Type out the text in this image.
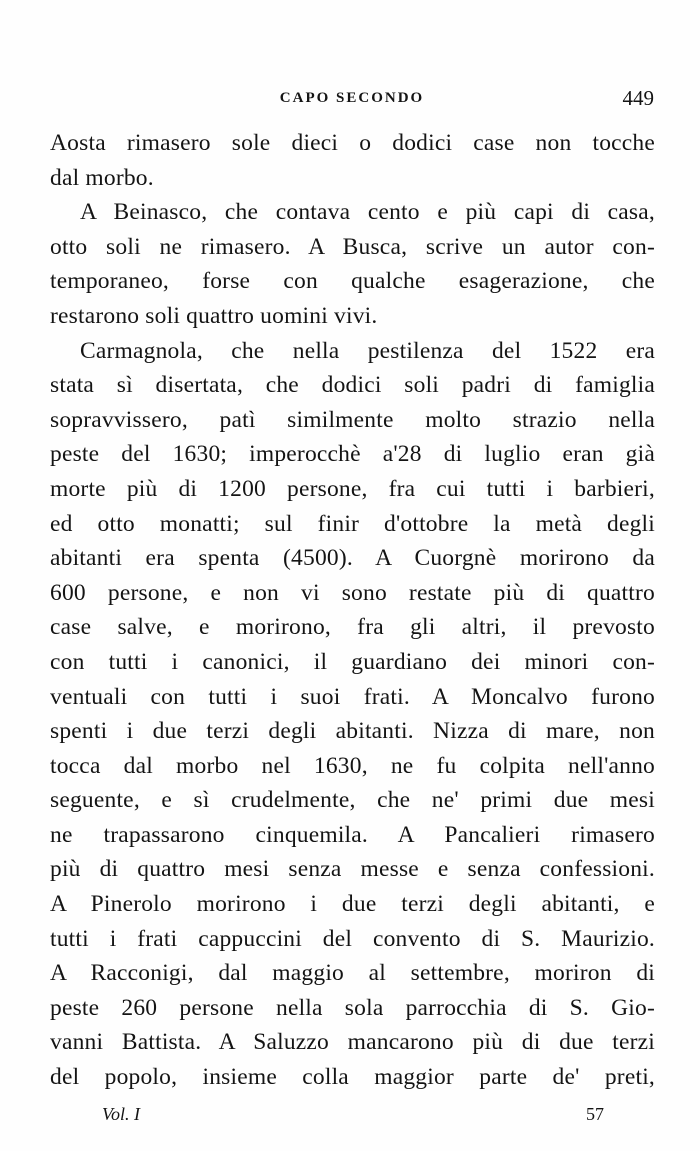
CAPO SECONDO	449
Aosta rimasero sole dieci o dodici case non tocche
dal morbo.
A Beinasco, che contava cento e più capi di casa,
otto soli ne rimasero. A Busca, scrive un autor con-
temporaneo, forse con qualche esagerazione, che
restarono soli quattro uomini vivi.
Carmagnola, che nella pestilenza del 1522 era
stata sì disertata, che dodici soli padri di famiglia
sopravvissero, patì similmente molto strazio nella
peste del 1630; imperocchè a'28 di luglio eran già
morte più di 1200 persone, fra cui tutti i barbieri,
ed otto monatti; sul finir d'ottobre la metà degli
abitanti era spenta (4500). A Cuorgnè morirono da
600 persone, e non vi sono restate più di quattro
case salve, e morirono, fra gli altri, il prevosto
con tutti i canonici, il guardiano dei minori con-
ventuali con tutti i suoi frati. A Moncalvo furono
spenti i due terzi degli abitanti. Nizza di mare, non
tocca dal morbo nel 1630, ne fu colpita nell'anno
seguente, e sì crudelmente, che ne' primi due mesi
ne trapassarono cinquemila. A Pancalieri rimasero
più di quattro mesi senza messe e senza confessioni.
A Pinerolo morirono i due terzi degli abitanti, e
tutti i frati cappuccini del convento di S. Maurizio.
A Racconigi, dal maggio al settembre, moriron di
peste 260 persone nella sola parrocchia di S. Gio-
vanni Battista. A Saluzzo mancarono più di due terzi
del popolo, insieme colla maggior parte de' preti,
Vol. I	57
